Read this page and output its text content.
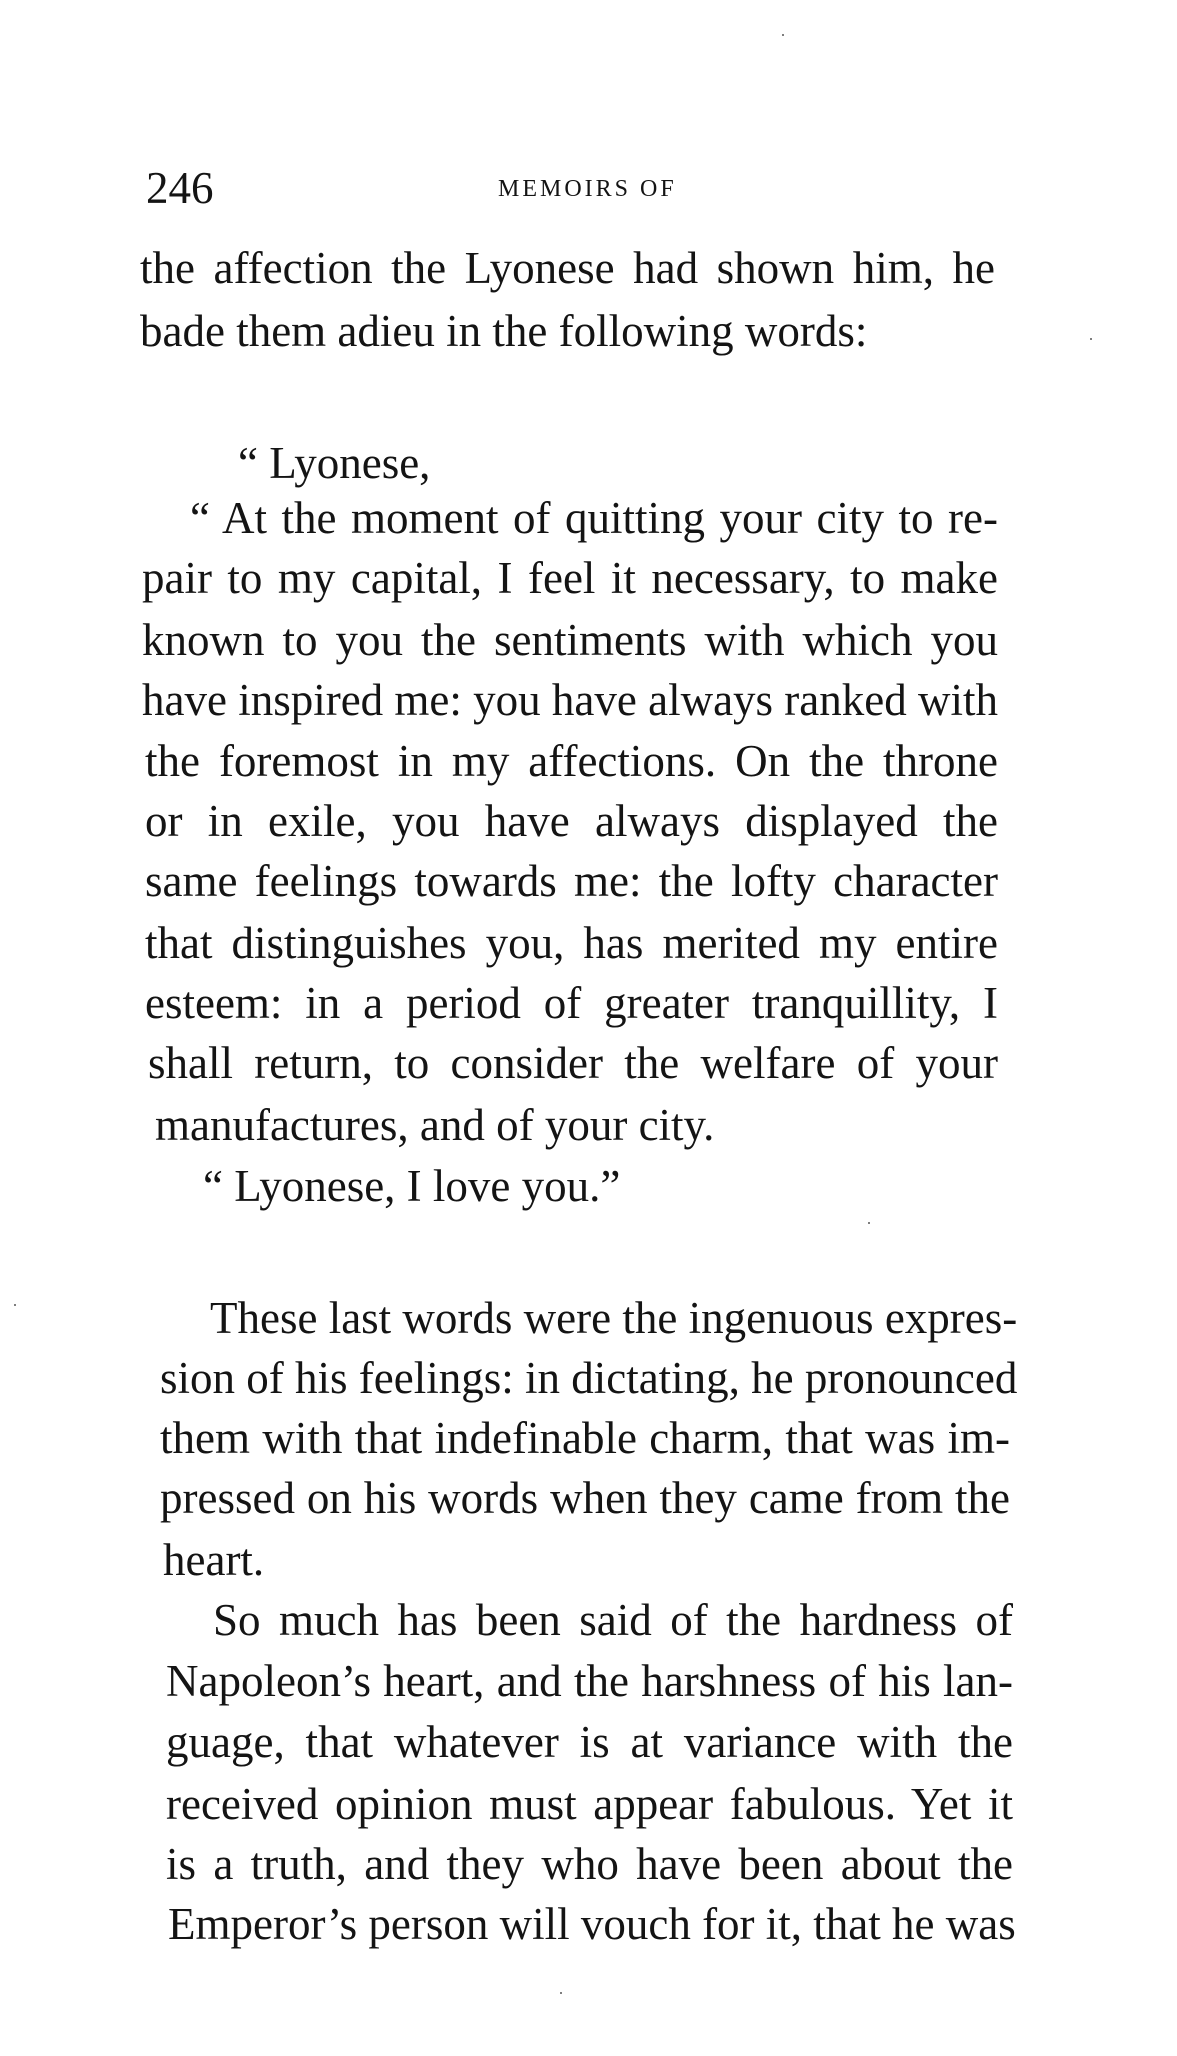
246	MEMOIRS OF
the affection the Lyonese had shown him, he
bade them adieu in the following words:
“ Lyonese,
“ At the moment of quitting your city to re-
pair to my capital, I feel it necessary, to make
known to you the sentiments with which you
have inspired me: you have always ranked with
the foremost in my affections. On the throne
or in exile, you have always displayed the
same feelings towards me: the lofty character
that distinguishes you, has merited my entire
esteem: in a period of greater tranquillity, I
shall return, to consider the welfare of your
manufactures, and of your city.
“ Lyonese, I love you.”
These last words were the ingenuous expres-
sion of his feelings: in dictating, he pronounced
them with that indefinable charm, that was im-
pressed on his words when they came from the
heart.
So much has been said of the hardness of
Napoleon’s heart, and the harshness of his lan-
guage, that whatever is at variance with the
received opinion must appear fabulous. Yet it
is a truth, and they who have been about the
Emperor’s person will vouch for it, that he was
